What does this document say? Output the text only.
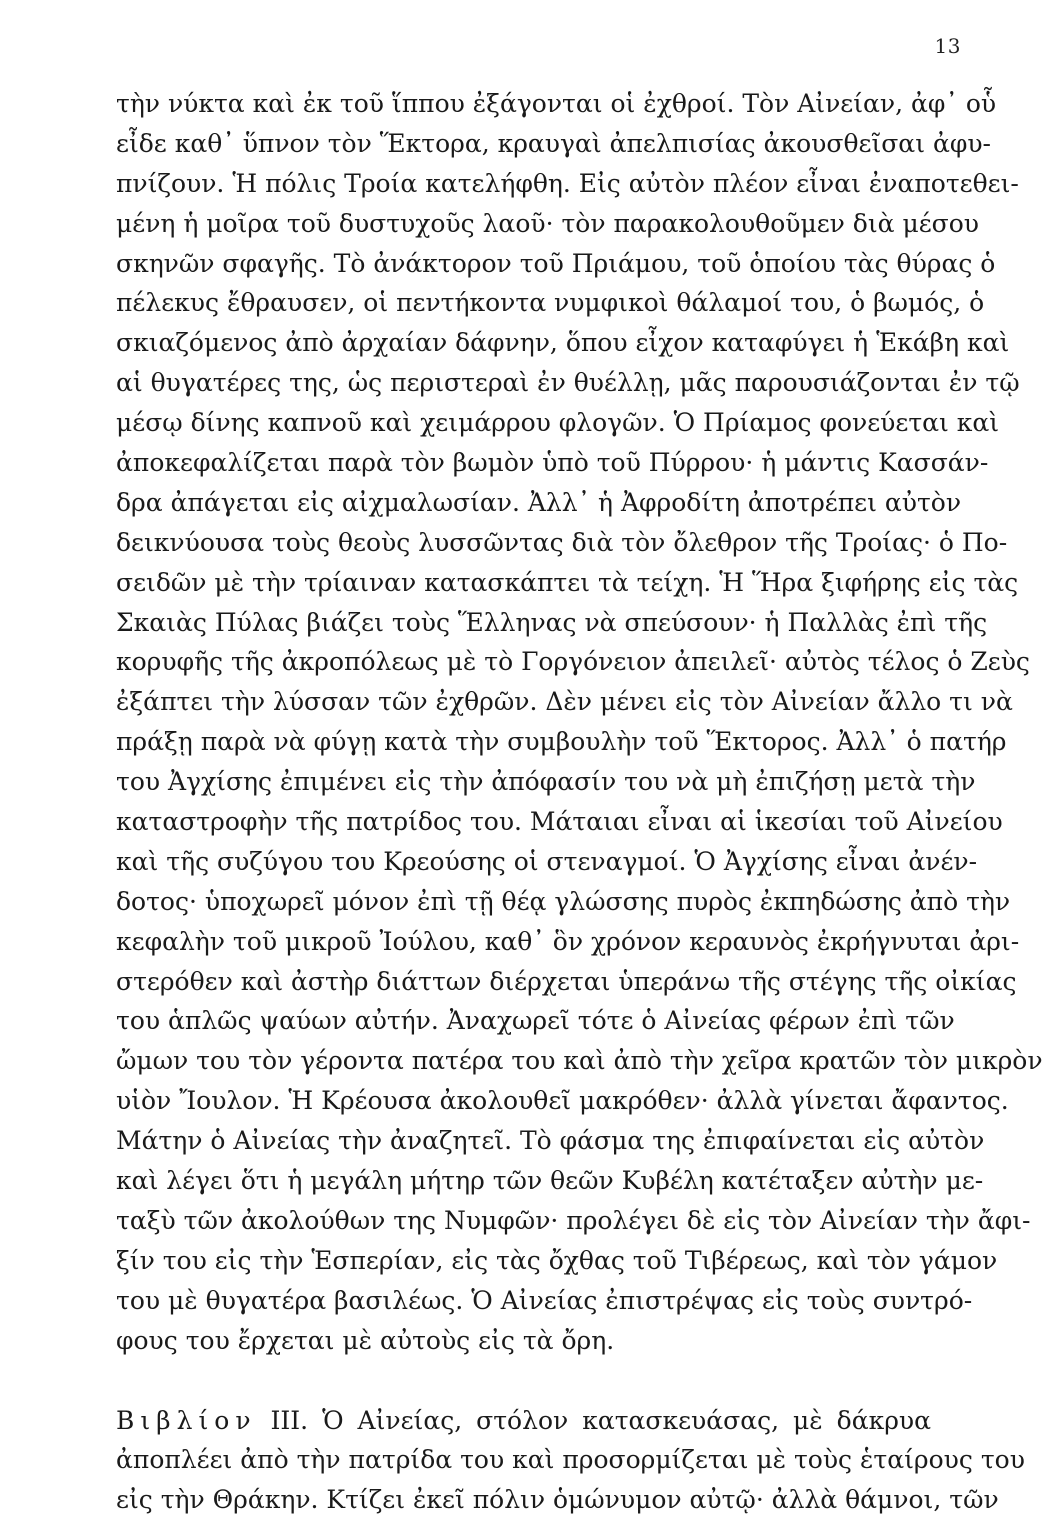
13
τὴν νύκτα καὶ ἐκ τοῦ ἵππου ἐξάγονται οἱ ἐχθροί. Τὸν Αἰνείαν, ἀφ᾽ οὗ
εἶδε καθ᾽ ὕπνον τὸν Ἕκτορα, κραυγαὶ ἀπελπισίας ἀκουσθεῖσαι ἀφυ-
πνίζουν. Ἡ πόλις Τροία κατελήφθη. Εἰς αὐτὸν πλέον εἶναι ἐναποτεθει-
μένη ἡ μοῖρα τοῦ δυστυχοῦς λαοῦ· τὸν παρακολουθοῦμεν διὰ μέσου
σκηνῶν σφαγῆς. Τὸ ἀνάκτορον τοῦ Πριάμου, τοῦ ὁποίου τὰς θύρας ὁ
πέλεκυς ἔθραυσεν, οἱ πεντήκοντα νυμφικοὶ θάλαμοί του, ὁ βωμός, ὁ
σκιαζόμενος ἀπὸ ἀρχαίαν δάφνην, ὅπου εἶχον καταφύγει ἡ Ἑκάβη καὶ
αἱ θυγατέρες της, ὡς περιστεραὶ ἐν θυέλλῃ, μᾶς παρουσιάζονται ἐν τῷ
μέσῳ δίνης καπνοῦ καὶ χειμάρρου φλογῶν. Ὁ Πρίαμος φονεύεται καὶ
ἀποκεφαλίζεται παρὰ τὸν βωμὸν ὑπὸ τοῦ Πύρρου· ἡ μάντις Κασσάν-
δρα ἀπάγεται εἰς αἰχμαλωσίαν. Ἀλλ᾽ ἡ Ἀφροδίτη ἀποτρέπει αὐτὸν
δεικνύουσα τοὺς θεοὺς λυσσῶντας διὰ τὸν ὄλεθρον τῆς Τροίας· ὁ Πο-
σειδῶν μὲ τὴν τρίαιναν κατασκάπτει τὰ τείχη. Ἡ Ἥρα ξιφήρης εἰς τὰς
Σκαιὰς Πύλας βιάζει τοὺς Ἕλληνας νὰ σπεύσουν· ἡ Παλλὰς ἐπὶ τῆς
κορυφῆς τῆς ἀκροπόλεως μὲ τὸ Γοργόνειον ἀπειλεῖ· αὐτὸς τέλος ὁ Ζεὺς
ἐξάπτει τὴν λύσσαν τῶν ἐχθρῶν. Δὲν μένει εἰς τὸν Αἰνείαν ἄλλο τι νὰ
πράξῃ παρὰ νὰ φύγῃ κατὰ τὴν συμβουλὴν τοῦ Ἕκτορος. Ἀλλ᾽ ὁ πατήρ
του Ἀγχίσης ἐπιμένει εἰς τὴν ἀπόφασίν του νὰ μὴ ἐπιζήσῃ μετὰ τὴν
καταστροφὴν τῆς πατρίδος του. Μάταιαι εἶναι αἱ ἱκεσίαι τοῦ Αἰνείου
καὶ τῆς συζύγου του Κρεούσης οἱ στεναγμοί. Ὁ Ἀγχίσης εἶναι ἀνέν-
δοτος· ὑποχωρεῖ μόνον ἐπὶ τῇ θέᾳ γλώσσης πυρὸς ἐκπηδώσης ἀπὸ τὴν
κεφαλὴν τοῦ μικροῦ Ἰούλου, καθ᾽ ὃν χρόνον κεραυνὸς ἐκρήγνυται ἀρι-
στερόθεν καὶ ἀστὴρ διάττων διέρχεται ὑπεράνω τῆς στέγης τῆς οἰκίας
του ἁπλῶς ψαύων αὐτήν. Ἀναχωρεῖ τότε ὁ Αἰνείας φέρων ἐπὶ τῶν
ὤμων του τὸν γέροντα πατέρα του καὶ ἀπὸ τὴν χεῖρα κρατῶν τὸν μικρὸν
υἱὸν Ἴουλον. Ἡ Κρέουσα ἀκολουθεῖ μακρόθεν· ἀλλὰ γίνεται ἄφαντος.
Μάτην ὁ Αἰνείας τὴν ἀναζητεῖ. Τὸ φάσμα της ἐπιφαίνεται εἰς αὐτὸν
καὶ λέγει ὅτι ἡ μεγάλη μήτηρ τῶν θεῶν Κυβέλη κατέταξεν αὐτὴν με-
ταξὺ τῶν ἀκολούθων της Νυμφῶν· προλέγει δὲ εἰς τὸν Αἰνείαν τὴν ἄφι-
ξίν του εἰς τὴν Ἑσπερίαν, εἰς τὰς ὄχθας τοῦ Τιβέρεως, καὶ τὸν γάμον
του μὲ θυγατέρα βασιλέως. Ὁ Αἰνείας ἐπιστρέψας εἰς τοὺς συντρό-
φους του ἔρχεται μὲ αὐτοὺς εἰς τὰ ὄρη.
Βιβλίον III. Ὁ Αἰνείας, στόλον κατασκευάσας, μὲ δάκρυα
ἀποπλέει ἀπὸ τὴν πατρίδα του καὶ προσορμίζεται μὲ τοὺς ἑταίρους του
εἰς τὴν Θράκην. Κτίζει ἐκεῖ πόλιν ὁμώνυμον αὐτῷ· ἀλλὰ θάμνοι, τῶν
